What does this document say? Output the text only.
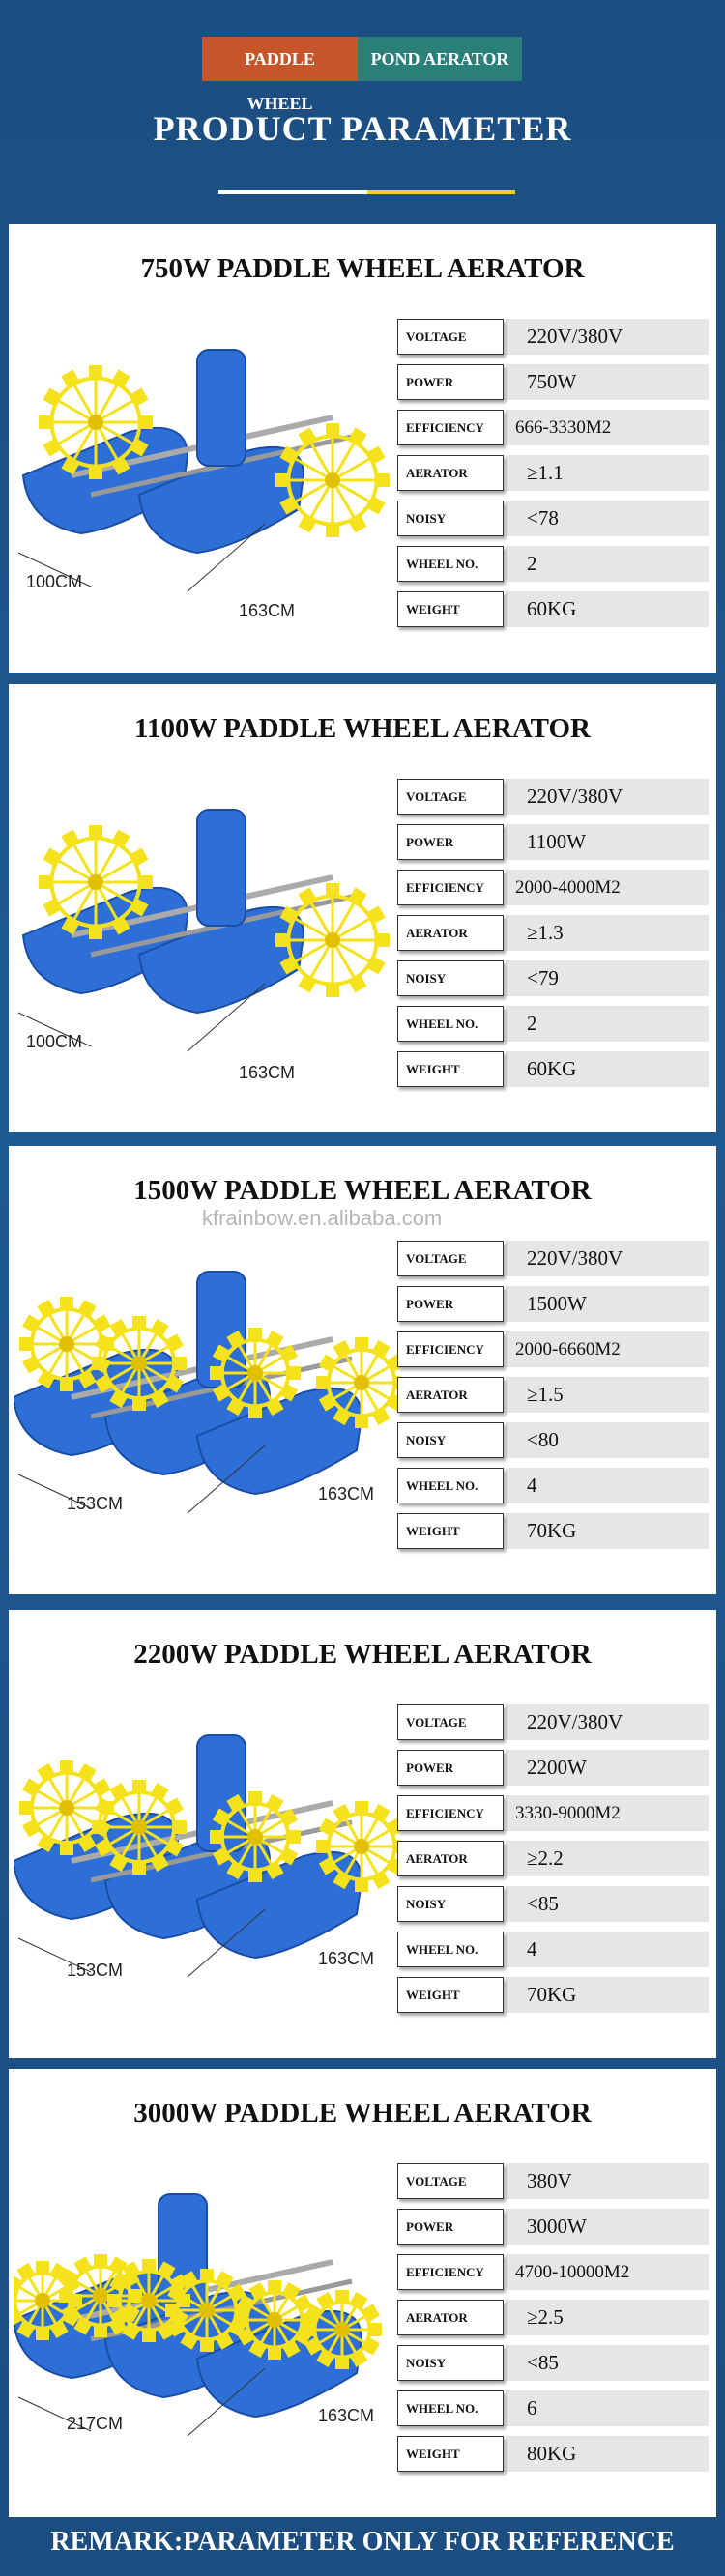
PADDLE WHEEL
POND AERATOR
PRODUCT PARAMETER
750W PADDLE WHEEL AERATOR
100CM
163CM
VOLTAGE	220V/380V
POWER	750W
EFFICIENCY	666-3330M2
AERATOR	≥1.1
NOISY	<78
WHEEL NO.	2
WEIGHT	60KG
1100W PADDLE WHEEL AERATOR
100CM
163CM
VOLTAGE	220V/380V
POWER	1100W
EFFICIENCY	2000-4000M2
AERATOR	≥1.3
NOISY	<79
WHEEL NO.	2
WEIGHT	60KG
1500W PADDLE WHEEL AERATOR
kfrainbow.en.alibaba.com
153CM	163CM
VOLTAGE	220V/380V
POWER	1500W
EFFICIENCY	2000-6660M2
AERATOR	≥1.5
NOISY	<80
WHEEL NO.	4
WEIGHT	70KG
2200W PADDLE WHEEL AERATOR
153CM
163CM
VOLTAGE	220V/380V
POWER	2200W
EFFICIENCY	3330-9000M2
AERATOR	≥2.2
NOISY	<85
WHEEL NO.	4
WEIGHT	70KG
3000W PADDLE WHEEL AERATOR
217CM	163CM
VOLTAGE	380V
POWER	3000W
EFFICIENCY	4700-10000M2
AERATOR	≥2.5
NOISY	<85
WHEEL NO.	6
WEIGHT	80KG
REMARK:PARAMETER ONLY FOR REFERENCE
